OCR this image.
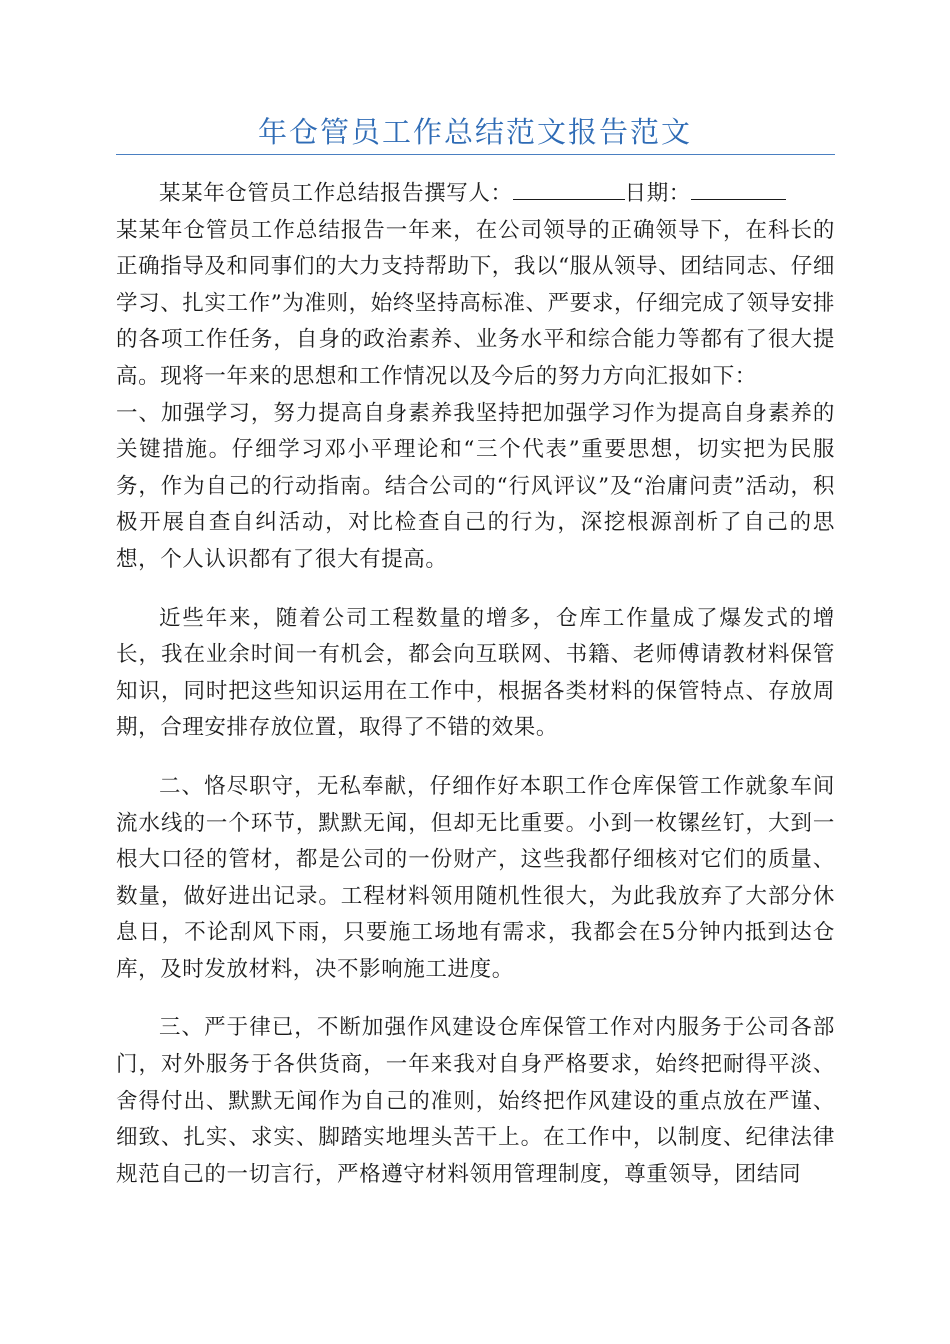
年仓管员工作总结范文报告范文

某某年仓管员工作总结报告撰写人：	日期：

某某年仓管员工作总结报告一年来，在公司领导的正确领导下，在科长的正确指导及和同事们的大力支持帮助下，我以“服从领导、团结同志、仔细学习、扎实工作”为准则，始终坚持高标准、严要求，仔细完成了领导安排的各项工作任务，自身的政治素养、业务水平和综合能力等都有了很大提高。现将一年来的思想和工作情况以及今后的努力方向汇报如下：

一、加强学习，努力提高自身素养我坚持把加强学习作为提高自身素养的关键措施。仔细学习邓小平理论和“三个代表”重要思想，切实把为民服务，作为自己的行动指南。结合公司的“行风评议”及“治庸问责”活动，积极开展自查自纠活动，对比检查自己的行为，深挖根源剖析了自己的思想，个人认识都有了很大有提高。

近些年来，随着公司工程数量的增多，仓库工作量成了爆发式的增长，我在业余时间一有机会，都会向互联网、书籍、老师傅请教材料保管知识，同时把这些知识运用在工作中，根据各类材料的保管特点、存放周期，合理安排存放位置，取得了不错的效果。

二、恪尽职守，无私奉献，仔细作好本职工作仓库保管工作就象车间流水线的一个环节，默默无闻，但却无比重要。小到一枚镙丝钉，大到一根大口径的管材，都是公司的一份财产，这些我都仔细核对它们的质量、数量，做好进出记录。工程材料领用随机性很大，为此我放弃了大部分休息日，不论刮风下雨，只要施工场地有需求，我都会在5分钟内抵到达仓库，及时发放材料，决不影响施工进度。

三、严于律已，不断加强作风建设仓库保管工作对内服务于公司各部门，对外服务于各供货商，一年来我对自身严格要求，始终把耐得平淡、舍得付出、默默无闻作为自己的准则，始终把作风建设的重点放在严谨、细致、扎实、求实、脚踏实地埋头苦干上。在工作中，以制度、纪律法律规范自己的一切言行，严格遵守材料领用管理制度，尊重领导，团结同
